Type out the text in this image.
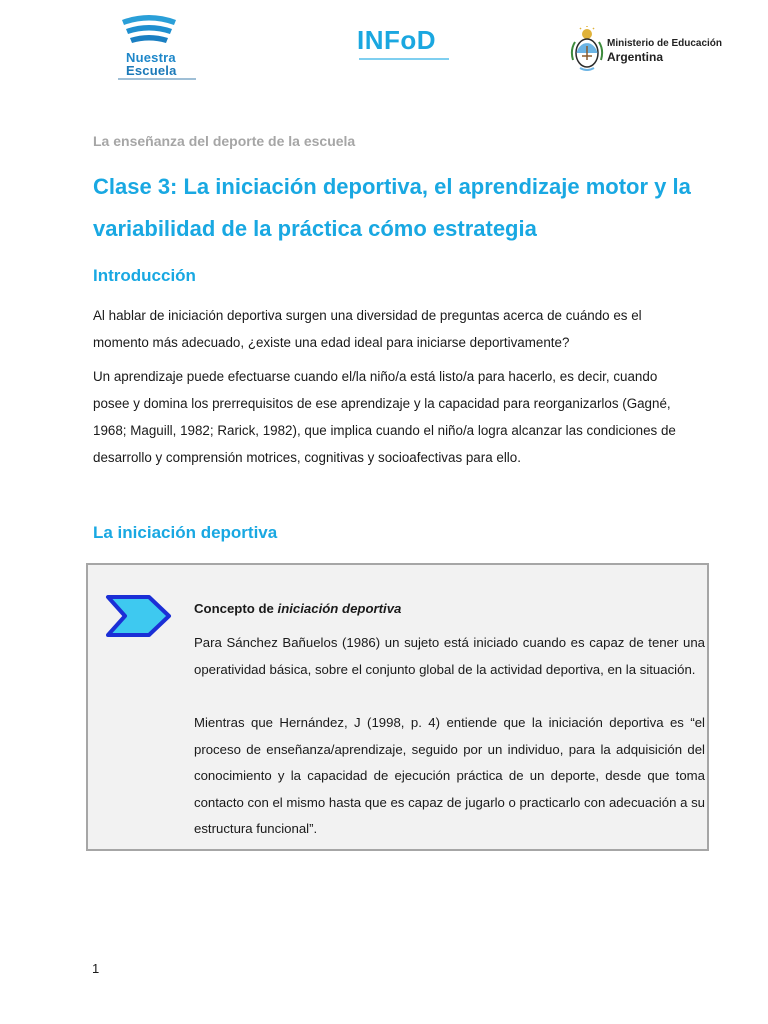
Nuestra
Escuela
INFoD	Ministerio de Educación
Argentina
La enseñanza del deporte de la escuela
Clase 3: La iniciación deportiva, el aprendizaje motor y la variabilidad de la práctica cómo estrategia
Introducción
Al hablar de iniciación deportiva surgen una diversidad de preguntas acerca de cuándo es el momento más adecuado, ¿existe una edad ideal para iniciarse deportivamente?
Un aprendizaje puede efectuarse cuando el/la niño/a está listo/a para hacerlo, es decir, cuando posee y domina los prerrequisitos de ese aprendizaje y la capacidad para reorganizarlos (Gagné, 1968; Maguill, 1982; Rarick, 1982), que implica cuando el niño/a logra alcanzar las condiciones de desarrollo y comprensión motrices, cognitivas y socioafectivas para ello.
La iniciación deportiva
Concepto de iniciación deportiva
Para Sánchez Bañuelos (1986) un sujeto está iniciado cuando es capaz de tener una operatividad básica, sobre el conjunto global de la actividad deportiva, en la situación.
Mientras que Hernández, J (1998, p. 4) entiende que la iniciación deportiva es “el proceso de enseñanza/aprendizaje, seguido por un individuo, para la adquisición del conocimiento y la capacidad de ejecución práctica de un deporte, desde que toma contacto con el mismo hasta que es capaz de jugarlo o practicarlo con adecuación a su estructura funcional”.
1
